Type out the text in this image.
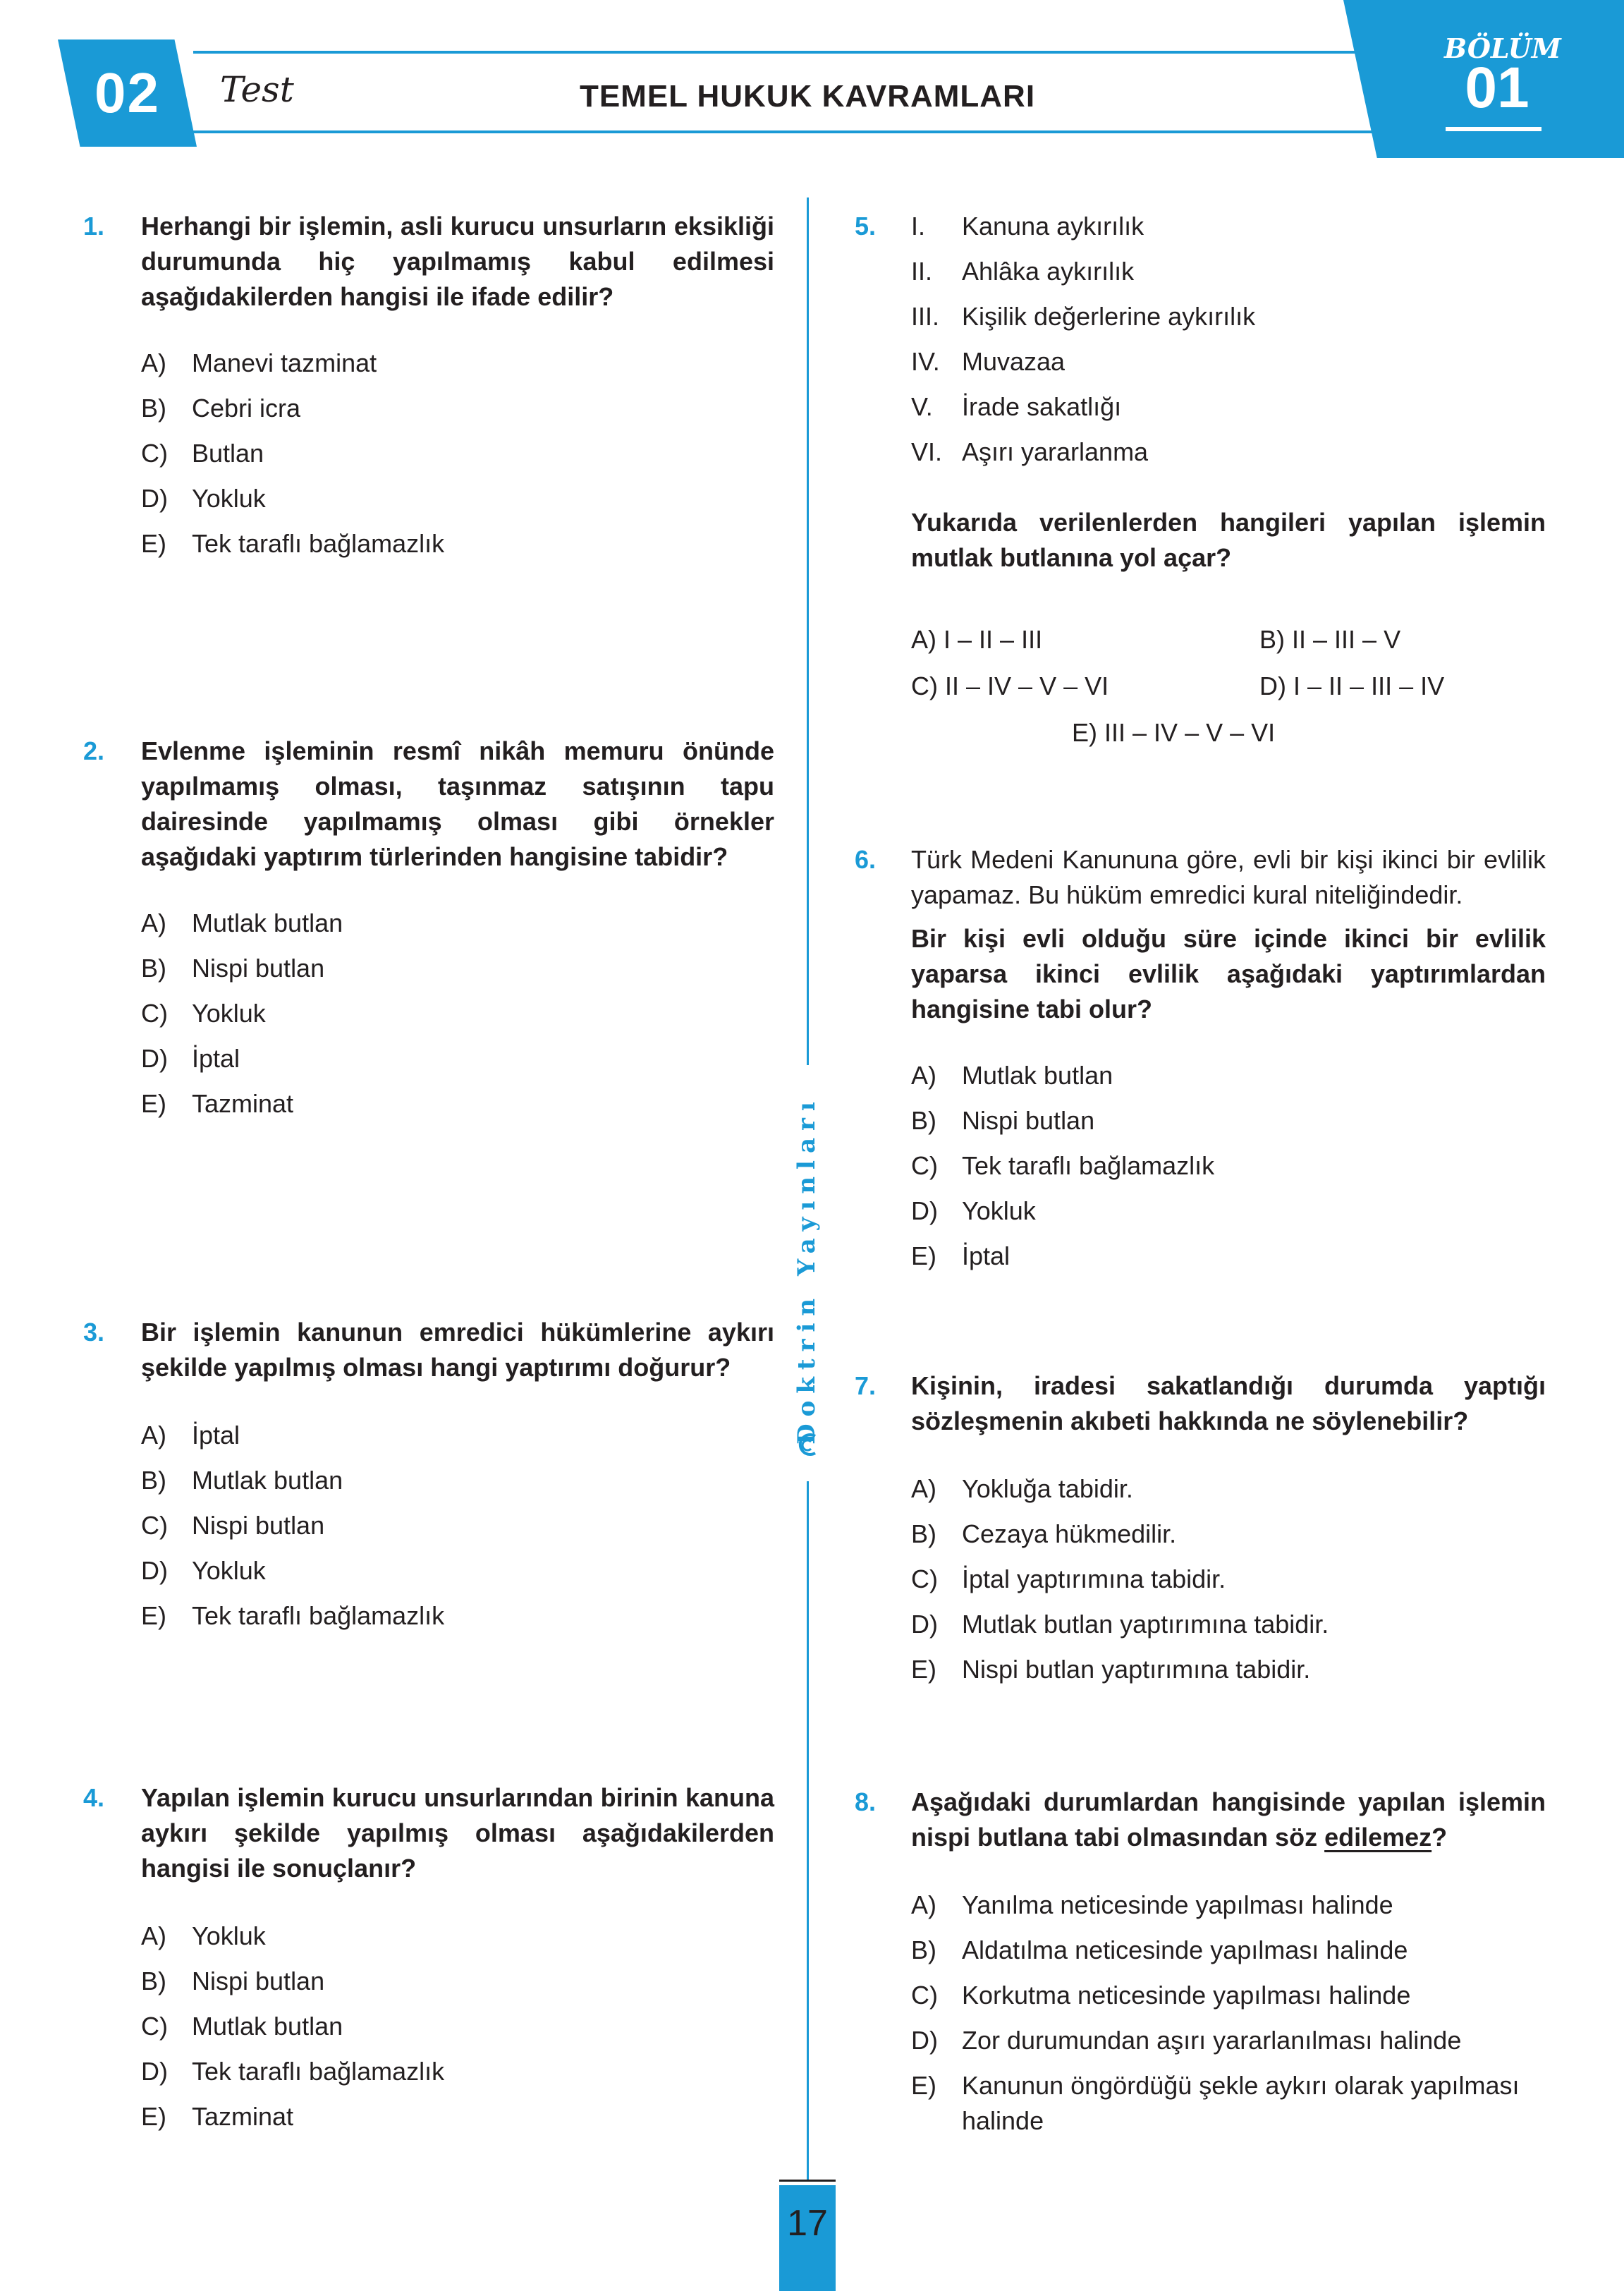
02	Test	TEMEL HUKUK KAVRAMLARI
BÖLÜM
01
Doktrin Yayınları
1. Herhangi bir işlemin, asli kurucu unsurların eksikliği durumunda hiç yapılmamış kabul edilmesi aşağıdakilerden hangisi ile ifade edilir?
A) Manevi tazminat
B) Cebri icra
C) Butlan
D) Yokluk
E) Tek taraflı bağlamazlık
2. Evlenme işleminin resmî nikâh memuru önünde yapılmamış olması, taşınmaz satışının tapu dairesinde yapılmamış olması gibi örnekler aşağıdaki yaptırım türlerinden hangisine tabidir?
A) Mutlak butlan
B) Nispi butlan
C) Yokluk
D) İptal
E) Tazminat
3. Bir işlemin kanunun emredici hükümlerine aykırı şekilde yapılmış olması hangi yaptırımı doğurur?
A) İptal
B) Mutlak butlan
C) Nispi butlan
D) Yokluk
E) Tek taraflı bağlamazlık
4. Yapılan işlemin kurucu unsurlarından birinin kanuna aykırı şekilde yapılmış olması aşağıdakilerden hangisi ile sonuçlanır?
A) Yokluk
B) Nispi butlan
C) Mutlak butlan
D) Tek taraflı bağlamazlık
E) Tazminat
5. I. Kanuna aykırılık
II. Ahlâka aykırılık
III. Kişilik değerlerine aykırılık
IV. Muvazaa
V. İrade sakatlığı
VI. Aşırı yararlanma
Yukarıda verilenlerden hangileri yapılan işlemin mutlak butlanına yol açar?
A) I – II – III	B) II – III – V
C) II – IV – V – VI	D) I – II – III – IV
E) III – IV – V – VI
6. Türk Medeni Kanununa göre, evli bir kişi ikinci bir evlilik yapamaz. Bu hüküm emredici kural niteliğindedir.
Bir kişi evli olduğu süre içinde ikinci bir evlilik yaparsa ikinci evlilik aşağıdaki yaptırımlardan hangisine tabi olur?
A) Mutlak butlan
B) Nispi butlan
C) Tek taraflı bağlamazlık
D) Yokluk
E) İptal
7. Kişinin, iradesi sakatlandığı durumda yaptığı sözleşmenin akıbeti hakkında ne söylenebilir?
A) Yokluğa tabidir.
B) Cezaya hükmedilir.
C) İptal yaptırımına tabidir.
D) Mutlak butlan yaptırımına tabidir.
E) Nispi butlan yaptırımına tabidir.
8. Aşağıdaki durumlardan hangisinde yapılan işlemin nispi butlana tabi olmasından söz edilemez?
A) Yanılma neticesinde yapılması halinde
B) Aldatılma neticesinde yapılması halinde
C) Korkutma neticesinde yapılması halinde
D) Zor durumundan aşırı yararlanılması halinde
E) Kanunun öngördüğü şekle aykırı olarak yapılması halinde
17
